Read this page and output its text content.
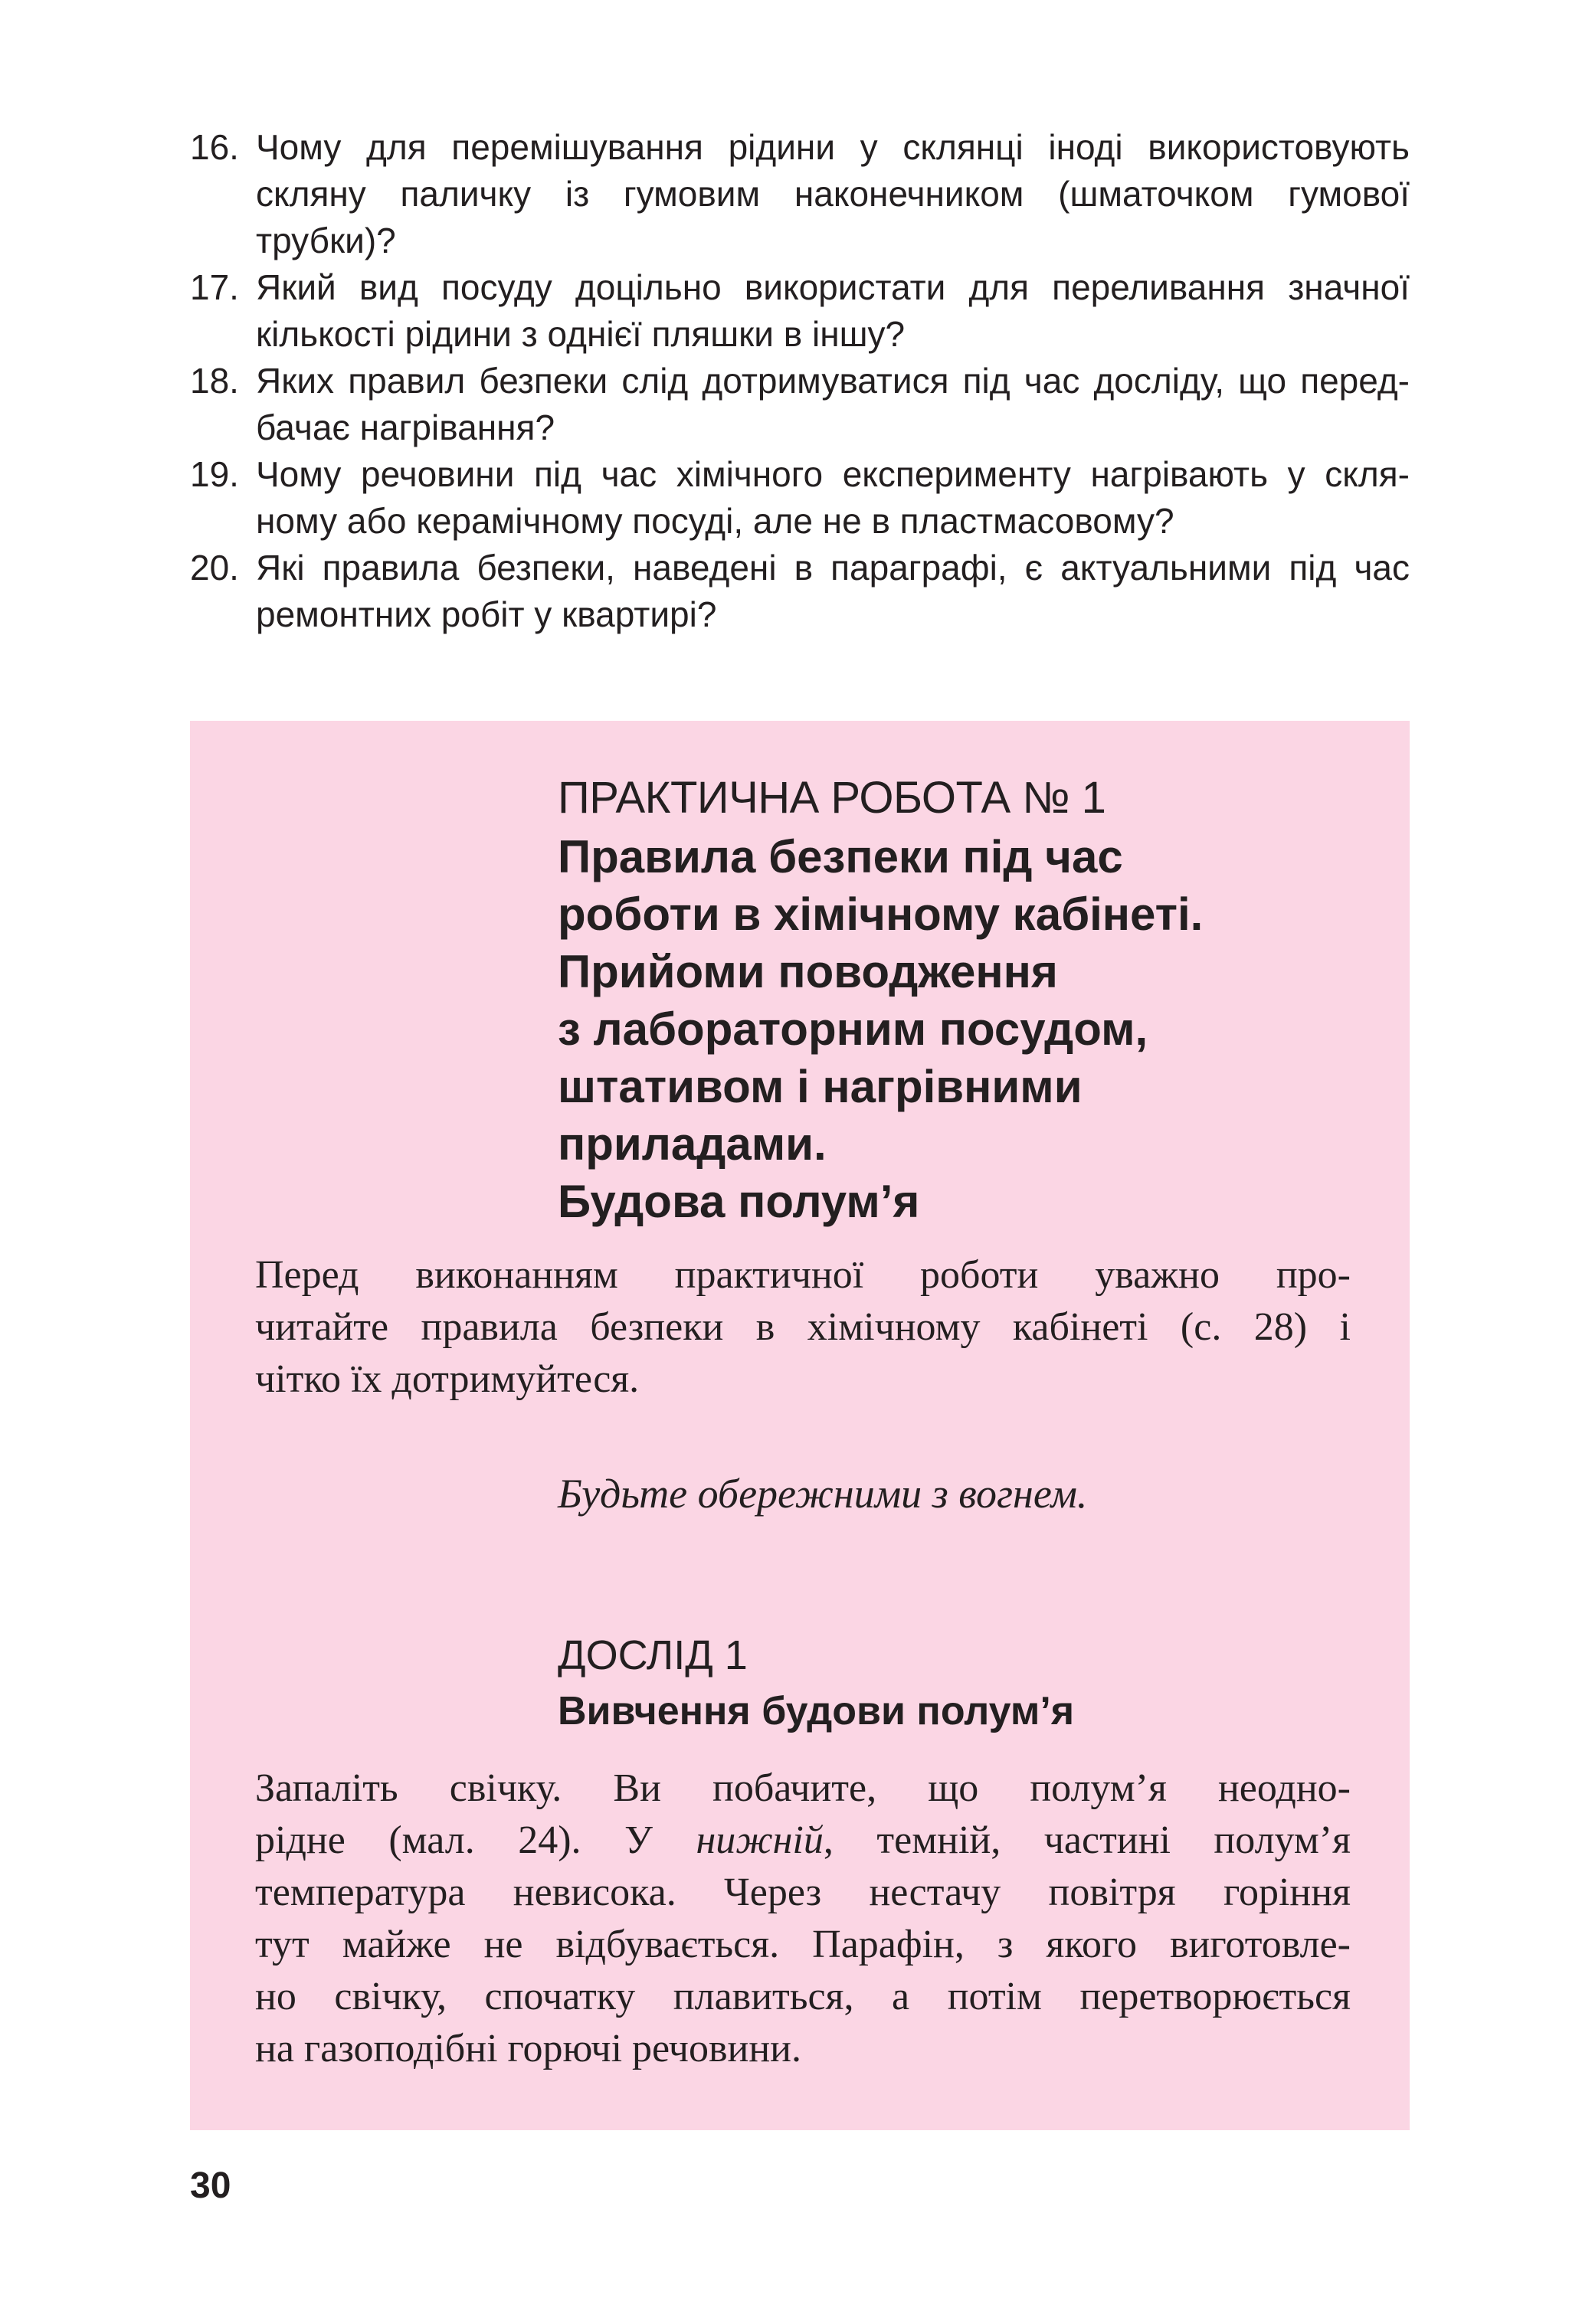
16. Чому для перемішування рідини у склянці іноді використовують скляну паличку із гумовим наконечником (шматочком гумової трубки)?
17. Який вид посуду доцільно використати для переливання значної кількості рідини з однієї пляшки в іншу?
18. Яких правил безпеки слід дотримуватися під час досліду, що перед-бачає нагрівання?
19. Чому речовини під час хімічного експерименту нагрівають у скля-ному або керамічному посуді, але не в пластмасовому?
20. Які правила безпеки, наведені в параграфі, є актуальними під час ремонтних робіт у квартирі?
ПРАКТИЧНА РОБОТА № 1
Правила безпеки під час
роботи в хімічному кабінеті.
Прийоми поводження
з лабораторним посудом,
штативом і нагрівними
приладами.
Будова полум’я

Перед виконанням практичної роботи уважно про-
читайте правила безпеки в хімічному кабінеті (с. 28) і
чітко їх дотримуйтеся.

Будьте обережними з вогнем.

ДОСЛІД 1
Вивчення будови полум’я

Запаліть свічку. Ви побачите, що полум’я неодно-
рідне (мал. 24). У нижній, темній, частині полум’я
температура невисока. Через нестачу повітря горіння
тут майже не відбувається. Парафін, з якого виготовле-
но свічку, спочатку плавиться, а потім перетворюється
на газоподібні горючі речовини.

30
